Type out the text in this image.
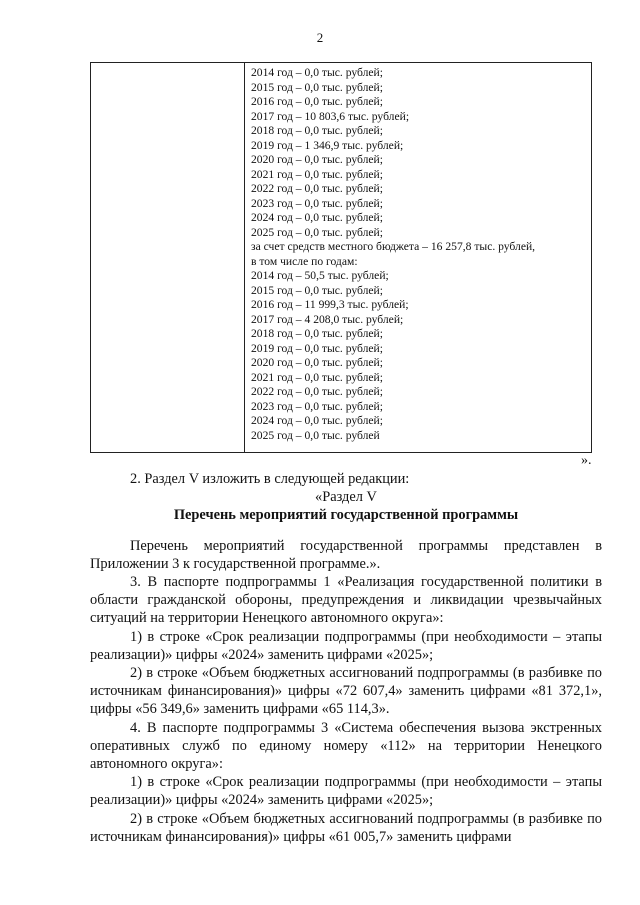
2
2014 год – 0,0 тыс. рублей;
2015 год – 0,0 тыс. рублей;
2016 год – 0,0 тыс. рублей;
2017 год – 10 803,6 тыс. рублей;
2018 год – 0,0 тыс. рублей;
2019 год – 1 346,9 тыс. рублей;
2020 год – 0,0 тыс. рублей;
2021 год – 0,0 тыс. рублей;
2022 год – 0,0 тыс. рублей;
2023 год – 0,0 тыс. рублей;
2024 год – 0,0 тыс. рублей;
2025 год – 0,0 тыс. рублей;
за счет средств местного бюджета – 16 257,8 тыс. рублей,
в том числе по годам:
2014 год – 50,5 тыс. рублей;
2015 год – 0,0 тыс. рублей;
2016 год – 11 999,3 тыс. рублей;
2017 год – 4 208,0 тыс. рублей;
2018 год – 0,0 тыс. рублей;
2019 год – 0,0 тыс. рублей;
2020 год – 0,0 тыс. рублей;
2021 год – 0,0 тыс. рублей;
2022 год – 0,0 тыс. рублей;
2023 год – 0,0 тыс. рублей;
2024 год – 0,0 тыс. рублей;
2025 год – 0,0 тыс. рублей
».

2. Раздел V изложить в следующей редакции:

«Раздел V

Перечень мероприятий государственной программы

Перечень мероприятий государственной программы представлен в Приложении 3 к государственной программе.».

3. В паспорте подпрограммы 1 «Реализация государственной политики в области гражданской обороны, предупреждения и ликвидации чрезвычайных ситуаций на территории Ненецкого автономного округа»:

1) в строке «Срок реализации подпрограммы (при необходимости – этапы реализации)» цифры «2024» заменить цифрами «2025»;

2) в строке «Объем бюджетных ассигнований подпрограммы (в разбивке по источникам финансирования)» цифры «72 607,4» заменить цифрами «81 372,1», цифры «56 349,6» заменить цифрами «65 114,3».

4. В паспорте подпрограммы 3 «Система обеспечения вызова экстренных оперативных служб по единому номеру «112» на территории Ненецкого автономного округа»:

1) в строке «Срок реализации подпрограммы (при необходимости – этапы реализации)» цифры «2024» заменить цифрами «2025»;

2) в строке «Объем бюджетных ассигнований подпрограммы (в разбивке по источникам финансирования)» цифры «61 005,7» заменить цифрами
